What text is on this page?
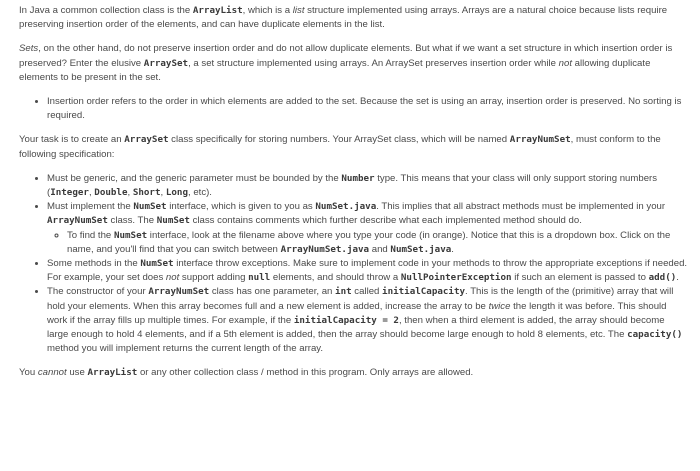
In Java a common collection class is the ArrayList, which is a list structure implemented using arrays. Arrays are a natural choice because lists require preserving insertion order of the elements, and can have duplicate elements in the list.

Sets, on the other hand, do not preserve insertion order and do not allow duplicate elements. But what if we want a set structure in which insertion order is preserved? Enter the elusive ArraySet, a set structure implemented using arrays. An ArraySet preserves insertion order while not allowing duplicate elements to be present in the set.

• Insertion order refers to the order in which elements are added to the set. Because the set is using an array, insertion order is preserved. No sorting is required.

Your task is to create an ArraySet class specifically for storing numbers. Your ArraySet class, which will be named ArrayNumSet, must conform to the following specification:

• Must be generic, and the generic parameter must be bounded by the Number type. This means that your class will only support storing numbers (Integer, Double, Short, Long, etc).
• Must implement the NumSet interface, which is given to you as NumSet.java. This implies that all abstract methods must be implemented in your ArrayNumSet class. The NumSet class contains comments which further describe what each implemented method should do.
◦ To find the NumSet interface, look at the filename above where you type your code (in orange). Notice that this is a dropdown box. Click on the name, and you'll find that you can switch between ArrayNumSet.java and NumSet.java.
• Some methods in the NumSet interface throw exceptions. Make sure to implement code in your methods to throw the appropriate exceptions if needed. For example, your set does not support adding null elements, and should throw a NullPointerException if such an element is passed to add().
• The constructor of your ArrayNumSet class has one parameter, an int called initialCapacity. This is the length of the (primitive) array that will hold your elements. When this array becomes full and a new element is added, increase the array to be twice the length it was before. This should work if the array fills up multiple times. For example, if the initialCapacity = 2, then when a third element is added, the array should become large enough to hold 4 elements, and if a 5th element is added, then the array should become large enough to hold 8 elements, etc. The capacity() method you will implement returns the current length of the array.

You cannot use ArrayList or any other collection class / method in this program. Only arrays are allowed.
